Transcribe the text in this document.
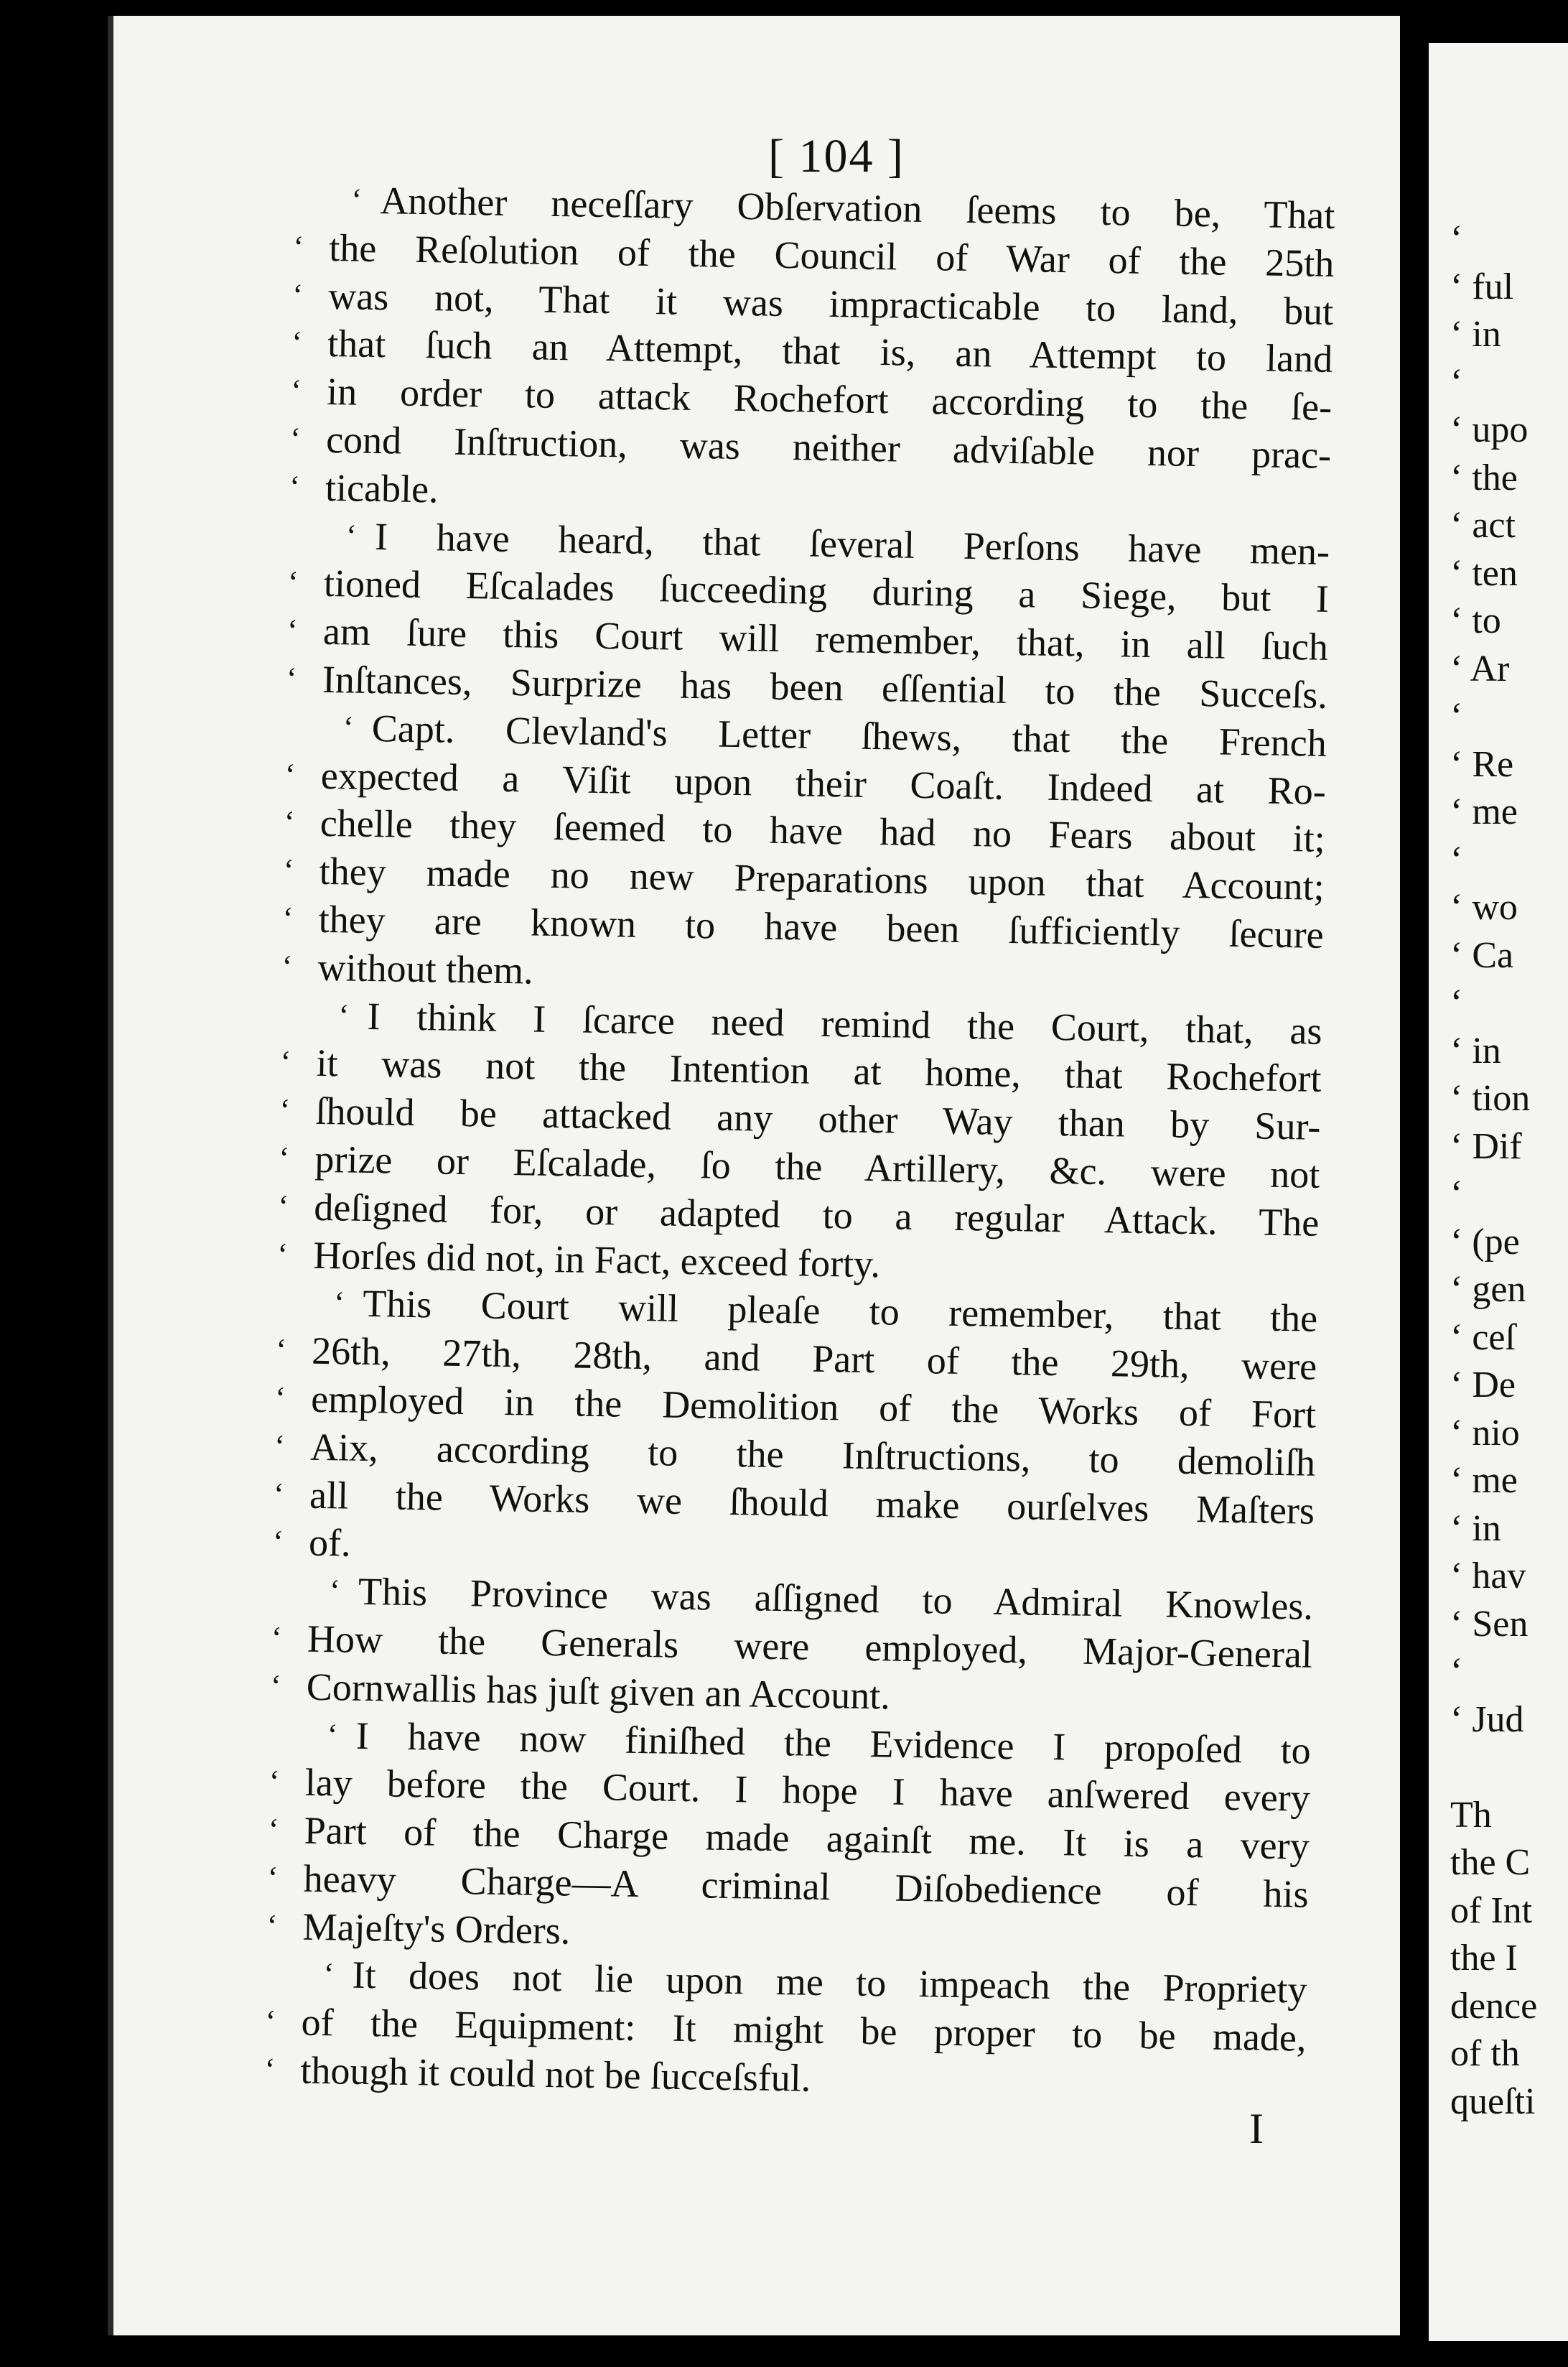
[ 104 ]
‘ Another neceſſary Obſervation ſeems to be, That
‘ the Reſolution of the Council of War of the 25th
‘ was not, That it was impracticable to land, but
‘ that ſuch an Attempt, that is, an Attempt to land
‘ in order to attack Rochefort according to the ſe-
‘ cond Inſtruction, was neither adviſable nor prac-
‘ ticable.
‘ I have heard, that ſeveral Perſons have men-
‘ tioned Eſcalades ſucceeding during a Siege, but I
‘ am ſure this Court will remember, that, in all ſuch
‘ Inſtances, Surprize has been eſſential to the Succeſs.
‘ Capt. Clevland's Letter ſhews, that the French
‘ expected a Viſit upon their Coaſt. Indeed at Ro-
‘ chelle they ſeemed to have had no Fears about it;
‘ they made no new Preparations upon that Account;
‘ they are known to have been ſufficiently ſecure
‘ without them.
‘ I think I ſcarce need remind the Court, that, as
‘ it was not the Intention at home, that Rochefort
‘ ſhould be attacked any other Way than by Sur-
‘ prize or Eſcalade, ſo the Artillery, &c. were not
‘ deſigned for, or adapted to a regular Attack. The
‘ Horſes did not, in Fact, exceed forty.
‘ This Court will pleaſe to remember, that the
‘ 26th, 27th, 28th, and Part of the 29th, were
‘ employed in the Demolition of the Works of Fort
‘ Aix, according to the Inſtructions, to demoliſh
‘ all the Works we ſhould make ourſelves Maſters
‘ of.
‘ This Province was aſſigned to Admiral Knowles.
‘ How the Generals were employed, Major-General
‘ Cornwallis has juſt given an Account.
‘ I have now finiſhed the Evidence I propoſed to
‘ lay before the Court. I hope I have anſwered every
‘ Part of the Charge made againſt me. It is a very
‘ heavy Charge—A criminal Diſobedience of his
‘ Majeſty's Orders.
‘ It does not lie upon me to impeach the Propriety
‘ of the Equipment: It might be proper to be made,
‘ though it could not be ſucceſsful.
I
‘
‘ ful
‘ in
‘
‘ upo
‘ the
‘ act
‘ ten
‘ to
‘ Ar
‘
‘ Re
‘ me
‘
‘ wo
‘ Ca
‘
‘ in
‘ tion
‘ Dif
‘
‘ (pe
‘ gen
‘ ceſ
‘ De
‘ nio
‘ me
‘ in
‘ hav
‘ Sen
‘
‘ Jud
Th
the C
of Int
the I
dence
of th
queſti
